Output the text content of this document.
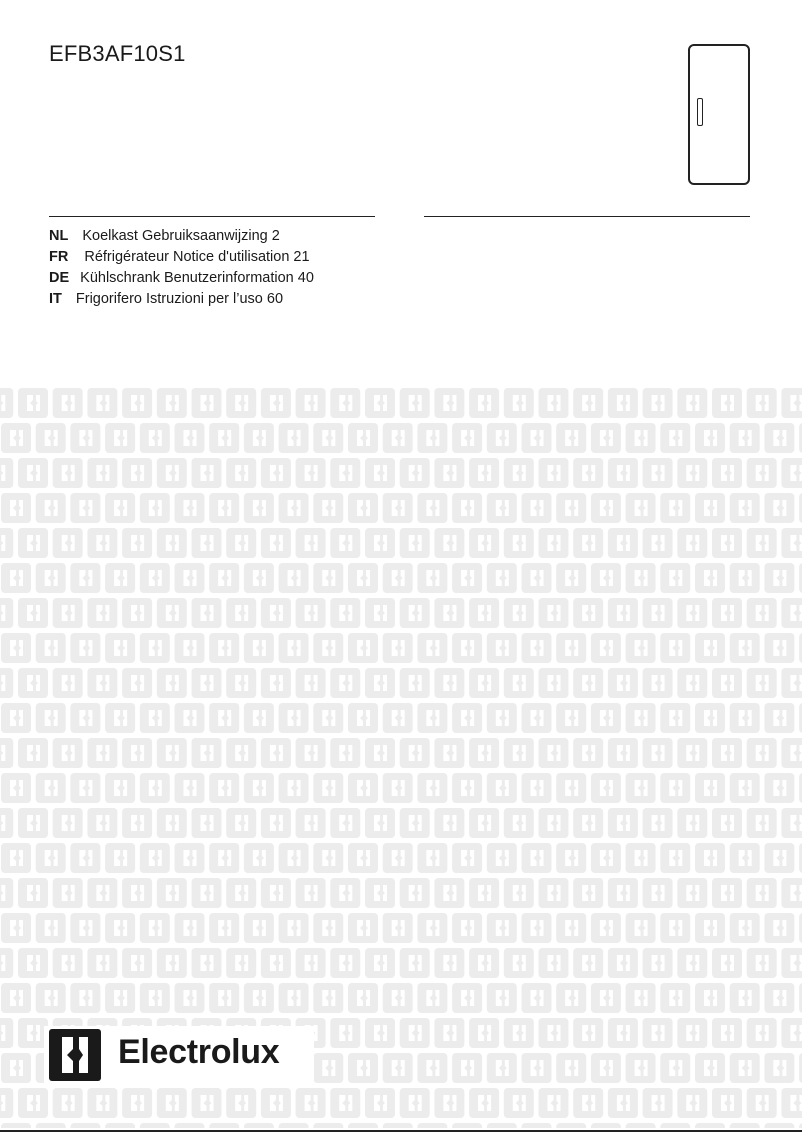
EFB3AF10S1
NL Koelkast Gebruiksaanwijzing 2
FR Réfrigérateur Notice d'utilisation 21
DE Kühlschrank Benutzerinformation 40
IT Frigorifero Istruzioni per l’uso 60
Electrolux
